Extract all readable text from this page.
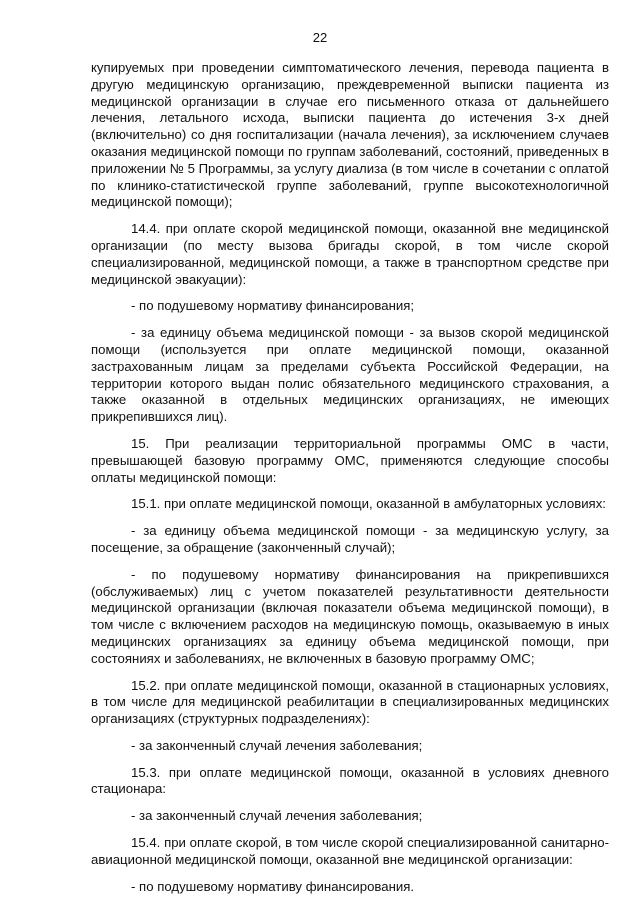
22

купируемых при проведении симптоматического лечения, перевода пациента в другую медицинскую организацию, преждевременной выписки пациента из медицинской организации в случае его письменного отказа от дальнейшего лечения, летального исхода, выписки пациента до истечения 3-х дней (включительно) со дня госпитализации (начала лечения), за исключением случаев оказания медицинской помощи по группам заболеваний, состояний, приведенных в приложении № 5 Программы, за услугу диализа (в том числе в сочетании с оплатой по клинико-статистической группе заболеваний, группе высокотехнологичной медицинской помощи);

14.4. при оплате скорой медицинской помощи, оказанной вне медицинской организации (по месту вызова бригады скорой, в том числе скорой специализированной, медицинской помощи, а также в транспортном средстве при медицинской эвакуации):

- по подушевому нормативу финансирования;

- за единицу объема медицинской помощи - за вызов скорой медицинской помощи (используется при оплате медицинской помощи, оказанной застрахованным лицам за пределами субъекта Российской Федерации, на территории которого выдан полис обязательного медицинского страхования, а также оказанной в отдельных медицинских организациях, не имеющих прикрепившихся лиц).

15. При реализации территориальной программы ОМС в части, превышающей базовую программу ОМС, применяются следующие способы оплаты медицинской помощи:

15.1. при оплате медицинской помощи, оказанной в амбулаторных условиях:

- за единицу объема медицинской помощи - за медицинскую услугу, за посещение, за обращение (законченный случай);

- по подушевому нормативу финансирования на прикрепившихся (обслуживаемых) лиц с учетом показателей результативности деятельности медицинской организации (включая показатели объема медицинской помощи), в том числе с включением расходов на медицинскую помощь, оказываемую в иных медицинских организациях за единицу объема медицинской помощи, при состояниях и заболеваниях, не включенных в базовую программу ОМС;

15.2. при оплате медицинской помощи, оказанной в стационарных условиях, в том числе для медицинской реабилитации в специализированных медицинских организациях (структурных подразделениях):

- за законченный случай лечения заболевания;

15.3. при оплате медицинской помощи, оказанной в условиях дневного стационара:

- за законченный случай лечения заболевания;

15.4. при оплате скорой, в том числе скорой специализированной санитарно-авиационной медицинской помощи, оказанной вне медицинской организации:

- по подушевому нормативу финансирования.
